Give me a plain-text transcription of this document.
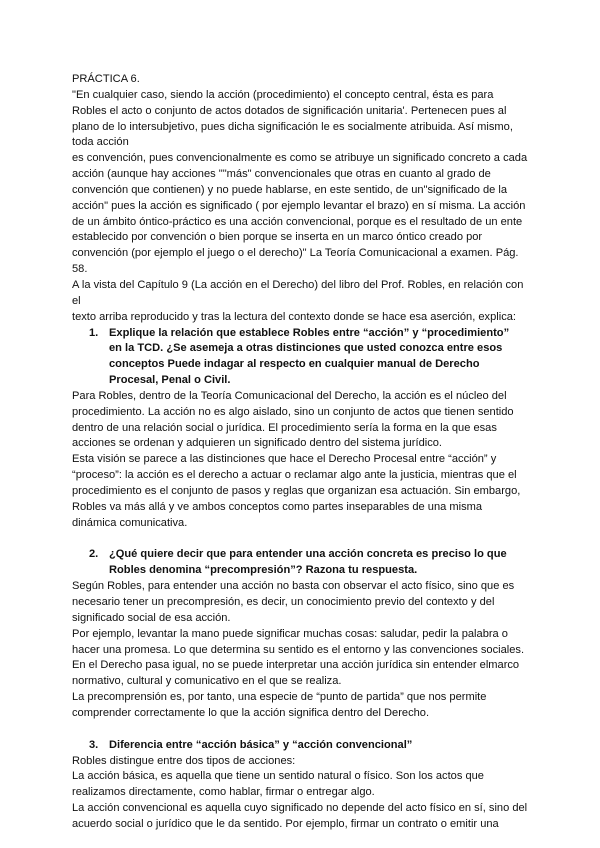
PRÁCTICA 6.

"En cualquier caso, siendo la acción (procedimiento) el concepto central, ésta es para

Robles el acto o conjunto de actos dotados de significación unitaria'. Pertenecen pues al

plano de lo intersubjetivo, pues dicha significación le es socialmente atribuida. Así mismo,

toda acción

es convención, pues convencionalmente es como se atribuye un significado concreto a cada

acción (aunque hay acciones ""más" convencionales que otras en cuanto al grado de

convención que contienen) y no puede hablarse, en este sentido, de un"significado de la

acción" pues la acción es significado ( por ejemplo levantar el brazo) en sí misma. La acción

de un ámbito óntico-práctico es una acción convencional, porque es el resultado de un ente

establecido por convención o bien porque se inserta en un marco óntico creado por

convención (por ejemplo el juego o el derecho)" La Teoría Comunicacional a examen. Pág.

58.

A la vista del Capítulo 9 (La acción en el Derecho) del libro del Prof. Robles, en relación con

el

texto arriba reproducido y tras la lectura del contexto donde se hace esa aserción, explica:

1. Explique la relación que establece Robles entre “acción” y “procedimiento”

en la TCD. ¿Se asemeja a otras distinciones que usted conozca entre esos

conceptos Puede indagar al respecto en cualquier manual de Derecho

Procesal, Penal o Civil.

Para Robles, dentro de la Teoría Comunicacional del Derecho, la acción es el núcleo del

procedimiento. La acción no es algo aislado, sino un conjunto de actos que tienen sentido

dentro de una relación social o jurídica. El procedimiento sería la forma en la que esas

acciones se ordenan y adquieren un significado dentro del sistema jurídico.

Esta visión se parece a las distinciones que hace el Derecho Procesal entre “acción” y

“proceso”: la acción es el derecho a actuar o reclamar algo ante la justicia, mientras que el

procedimiento es el conjunto de pasos y reglas que organizan esa actuación. Sin embargo,

Robles va más allá y ve ambos conceptos como partes inseparables de una misma

dinámica comunicativa.

2. ¿Qué quiere decir que para entender una acción concreta es preciso lo que

Robles denomina “precompresión”? Razona tu respuesta.

Según Robles, para entender una acción no basta con observar el acto físico, sino que es

necesario tener un precompresión, es decir, un conocimiento previo del contexto y del

significado social de esa acción.

Por ejemplo, levantar la mano puede significar muchas cosas: saludar, pedir la palabra o

hacer una promesa. Lo que determina su sentido es el entorno y las convenciones sociales.

En el Derecho pasa igual, no se puede interpretar una acción jurídica sin entender elmarco

normativo, cultural y comunicativo en el que se realiza.

La precomprensión es, por tanto, una especie de “punto de partida” que nos permite

comprender correctamente lo que la acción significa dentro del Derecho.

3. Diferencia entre “acción básica” y “acción convencional”

Robles distingue entre dos tipos de acciones:

La acción básica, es aquella que tiene un sentido natural o físico. Son los actos que

realizamos directamente, como hablar, firmar o entregar algo.

La acción convencional es aquella cuyo significado no depende del acto físico en sí, sino del

acuerdo social o jurídico que le da sentido. Por ejemplo, firmar un contrato o emitir una
